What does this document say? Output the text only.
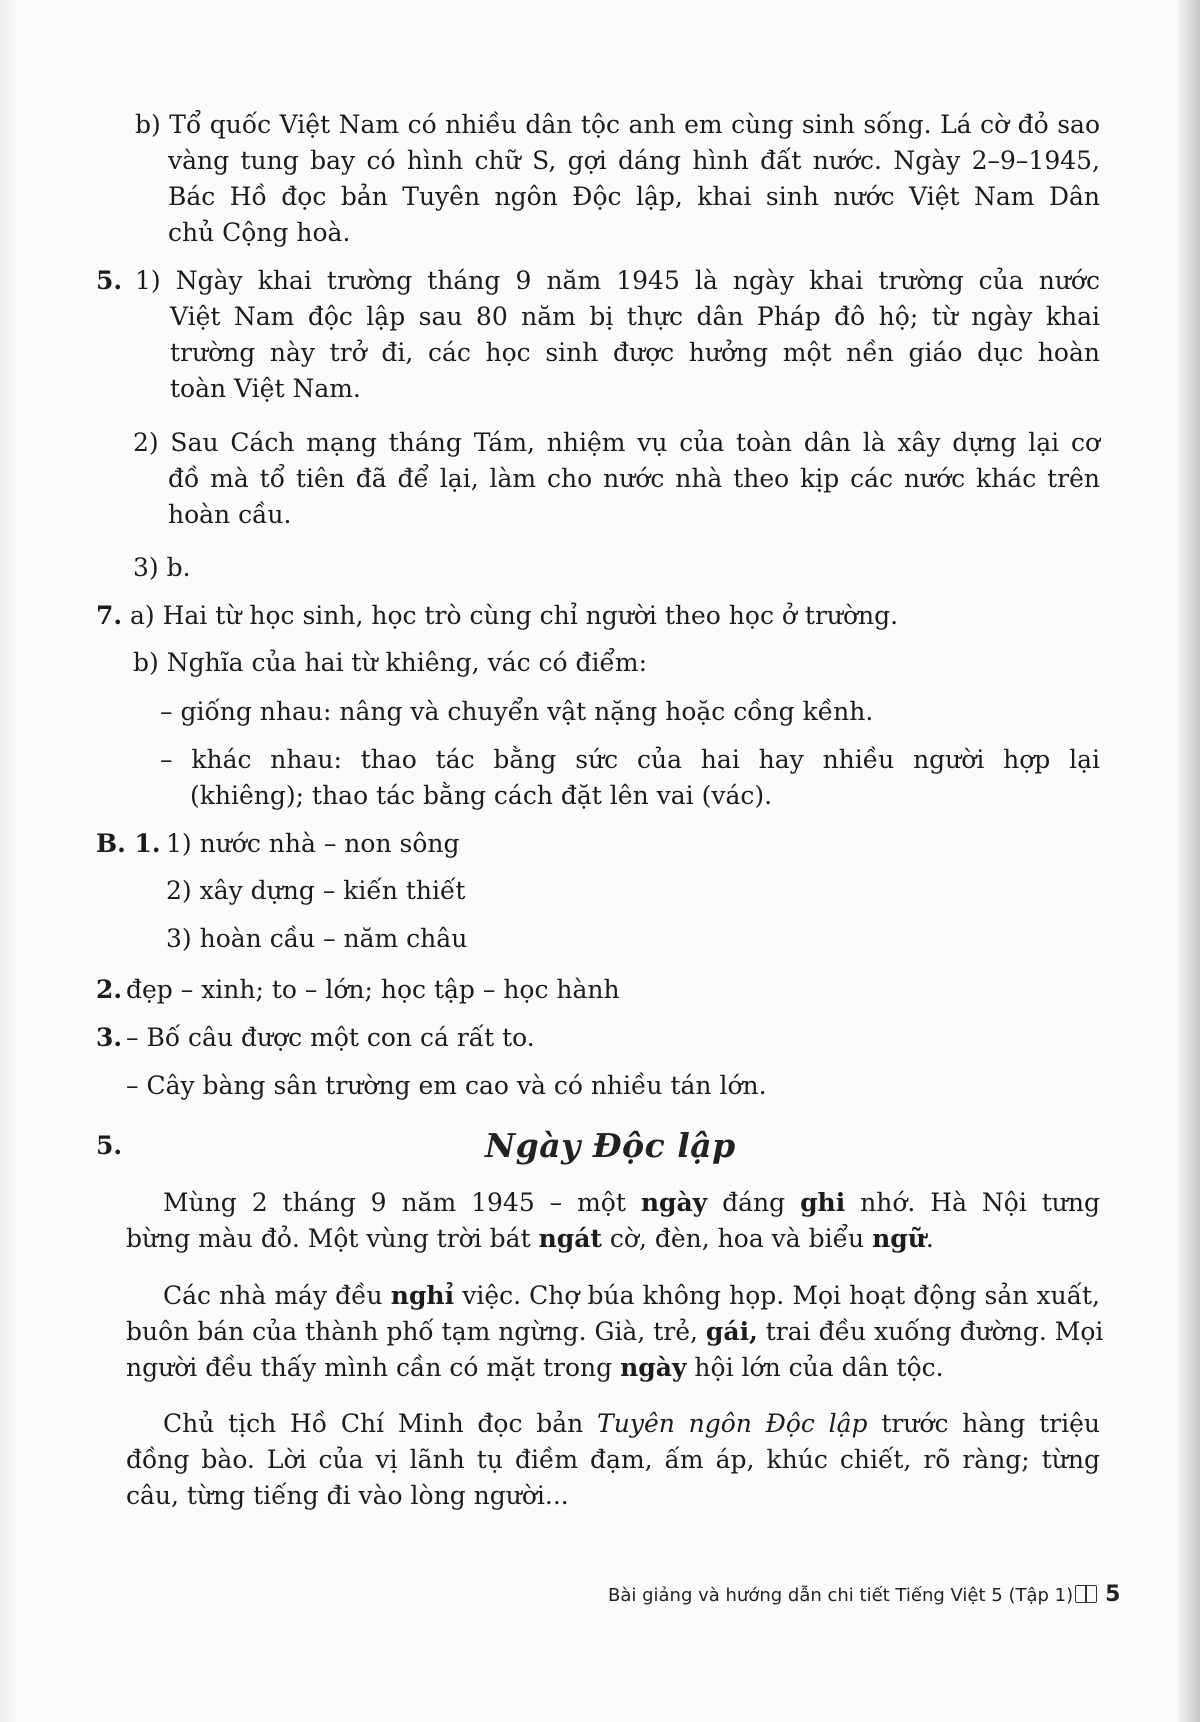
b) Tổ quốc Việt Nam có nhiều dân tộc anh em cùng sinh sống. Lá cờ đỏ sao
vàng tung bay có hình chữ S, gợi dáng hình đất nước. Ngày 2–9–1945,
Bác Hồ đọc bản Tuyên ngôn Độc lập, khai sinh nước Việt Nam Dân
chủ Cộng hoà.
5. 1) Ngày khai trường tháng 9 năm 1945 là ngày khai trường của nước
Việt Nam độc lập sau 80 năm bị thực dân Pháp đô hộ; từ ngày khai
trường này trở đi, các học sinh được hưởng một nền giáo dục hoàn
toàn Việt Nam.
2) Sau Cách mạng tháng Tám, nhiệm vụ của toàn dân là xây dựng lại cơ
đồ mà tổ tiên đã để lại, làm cho nước nhà theo kịp các nước khác trên
hoàn cầu.
3) b.
7. a) Hai từ học sinh, học trò cùng chỉ người theo học ở trường.
b) Nghĩa của hai từ khiêng, vác có điểm:
– giống nhau: nâng và chuyển vật nặng hoặc cồng kềnh.
– khác nhau: thao tác bằng sức của hai hay nhiều người hợp lại
(khiêng); thao tác bằng cách đặt lên vai (vác).
B. 1. 1) nước nhà – non sông
2) xây dựng – kiến thiết
3) hoàn cầu – năm châu
2. đẹp – xinh; to – lớn; học tập – học hành
3. – Bố câu được một con cá rất to.
– Cây bàng sân trường em cao và có nhiều tán lớn.
5.	Ngày Độc lập
Mùng 2 tháng 9 năm 1945 – một ngày đáng ghi nhớ. Hà Nội tưng
bừng màu đỏ. Một vùng trời bát ngát cờ, đèn, hoa và biểu ngữ.
Các nhà máy đều nghỉ việc. Chợ búa không họp. Mọi hoạt động sản xuất,
buôn bán của thành phố tạm ngừng. Già, trẻ, gái, trai đều xuống đường. Mọi
người đều thấy mình cần có mặt trong ngày hội lớn của dân tộc.
Chủ tịch Hồ Chí Minh đọc bản Tuyên ngôn Độc lập trước hàng triệu
đồng bào. Lời của vị lãnh tụ điềm đạm, ấm áp, khúc chiết, rõ ràng; từng
câu, từng tiếng đi vào lòng người...
Bài giảng và hướng dẫn chi tiết Tiếng Việt 5 (Tập 1) 5
